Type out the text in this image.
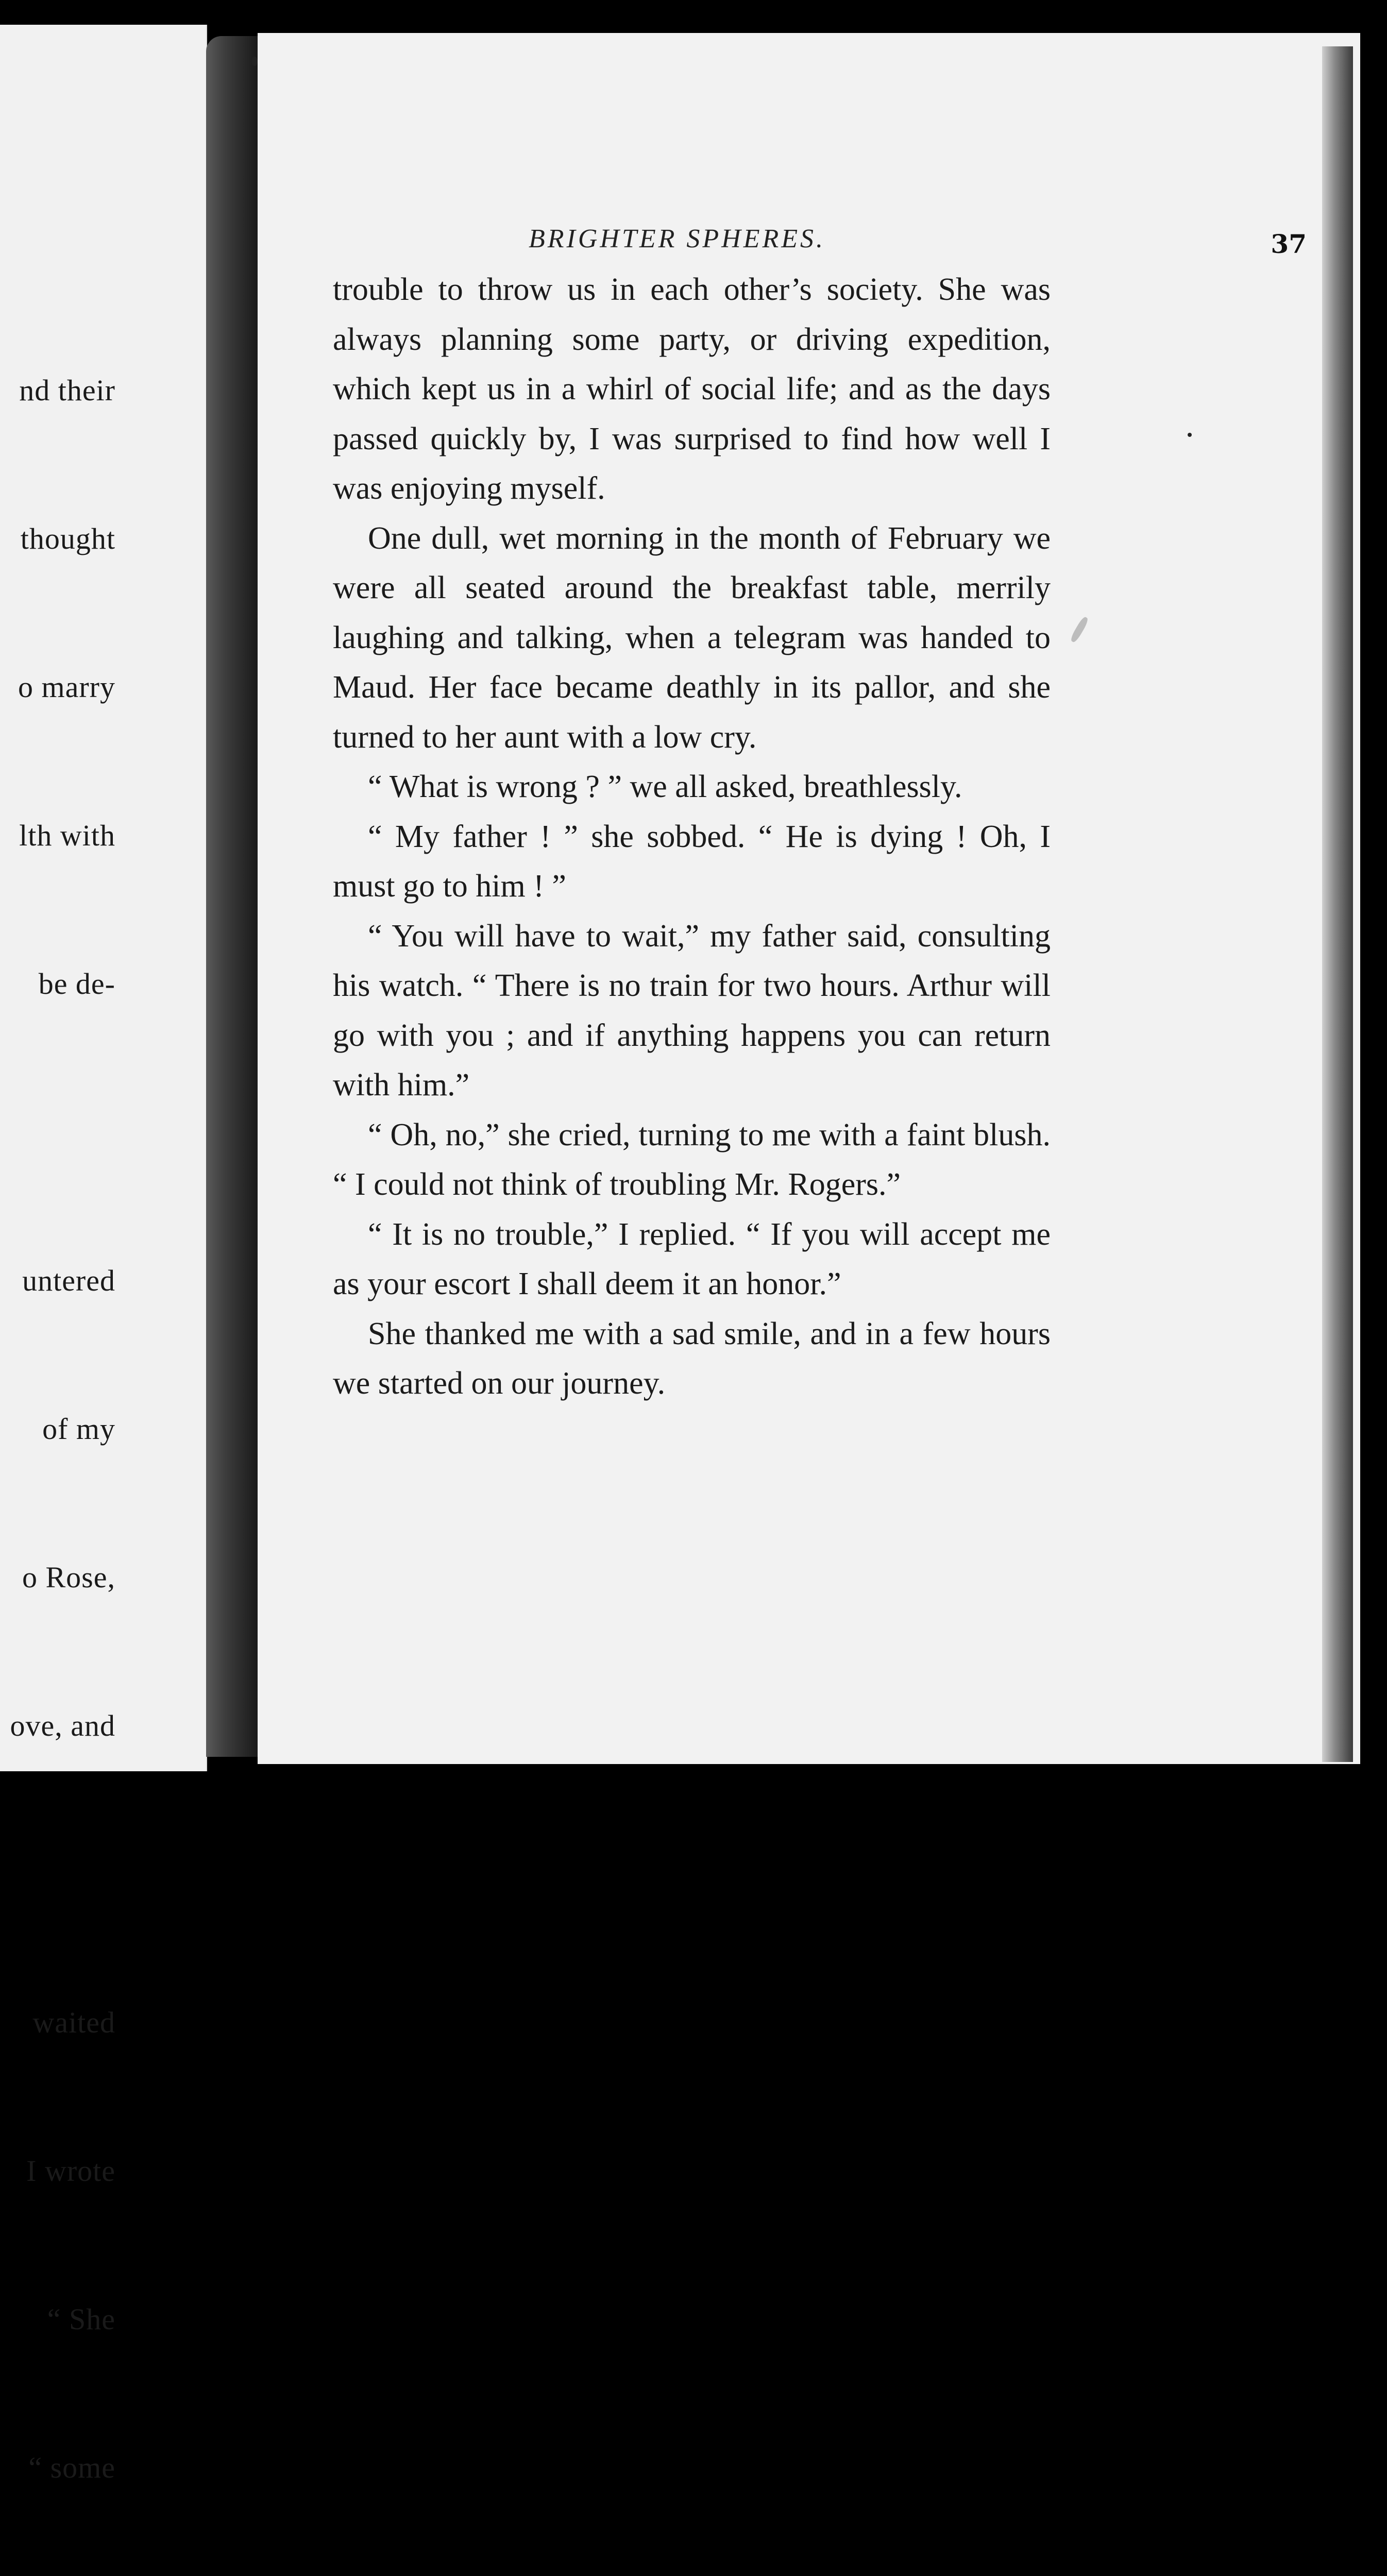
nd their

thought

o marry

lth with

be de-

untered

of my

o Rose,

ove, and

waited

I wrote

“ She

“ some

BRIGHTER SPHERES.	37

trouble to throw us in each other’s society. She was always planning some party, or driving expedition, which kept us in a whirl of social life; and as the days passed quickly by, I was surprised to find how well I was enjoying myself.

One dull, wet morning in the month of February we were all seated around the breakfast table, merrily laughing and talking, when a telegram was handed to Maud. Her face became deathly in its pallor, and she turned to her aunt with a low cry.

“ What is wrong ? ” we all asked, breathlessly.

“ My father ! ” she sobbed. “ He is dying ! Oh, I must go to him ! ”

“ You will have to wait,” my father said, consulting his watch. “ There is no train for two hours. Arthur will go with you ; and if anything happens you can return with him.”

“ Oh, no,” she cried, turning to me with a faint blush. “ I could not think of troubling Mr. Rogers.”

“ It is no trouble,” I replied. “ If you will accept me as your escort I shall deem it an honor.”

She thanked me with a sad smile, and in a few hours we started on our journey.
